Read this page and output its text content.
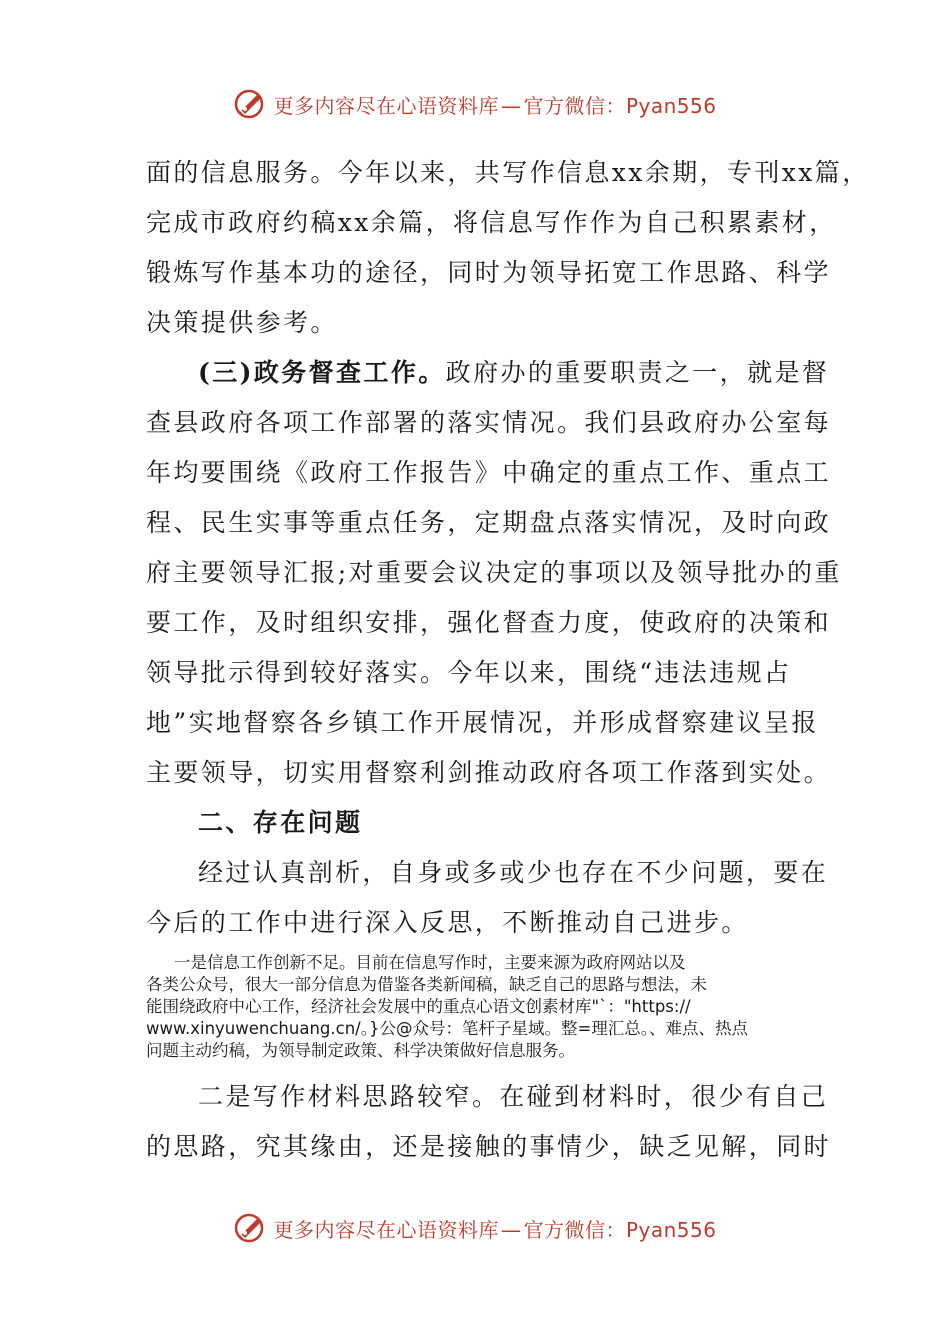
更多内容尽在心语资料库 — 官方微信：Pyan556

面的信息服务。今年以来，共写作信息xx余期，专刊xx篇，

完成市政府约稿xx余篇，将信息写作作为自己积累素材，

锻炼写作基本功的途径，同时为领导拓宽工作思路、科学

决策提供参考。

(三)政务督查工作。政府办的重要职责之一，就是督

查县政府各项工作部署的落实情况。我们县政府办公室每

年均要围绕《政府工作报告》中确定的重点工作、重点工

程、民生实事等重点任务，定期盘点落实情况，及时向政

府主要领导汇报;对重要会议决定的事项以及领导批办的重

要工作，及时组织安排，强化督查力度，使政府的决策和

领导批示得到较好落实。今年以来，围绕“违法违规占

地”实地督察各乡镇工作开展情况，并形成督察建议呈报

主要领导，切实用督察利剑推动政府各项工作落到实处。

二、存在问题

经过认真剖析，自身或多或少也存在不少问题，要在

今后的工作中进行深入反思，不断推动自己进步。

一是信息工作创新不足。目前在信息写作时，主要来源为政府网站以及
各类公众号，很大一部分信息为借鉴各类新闻稿，缺乏自己的思路与想法，未
能围绕政府中心工作，经济社会发展中的重点心语文创素材库"`："https://
www.xinyuwenchuang.cn/。}公@众号：笔杆子星域。整=理汇总。、难点、热点
问题主动约稿，为领导制定政策、科学决策做好信息服务。

二是写作材料思路较窄。在碰到材料时，很少有自己

的思路，究其缘由，还是接触的事情少，缺乏见解，同时

更多内容尽在心语资料库 — 官方微信：Pyan556
